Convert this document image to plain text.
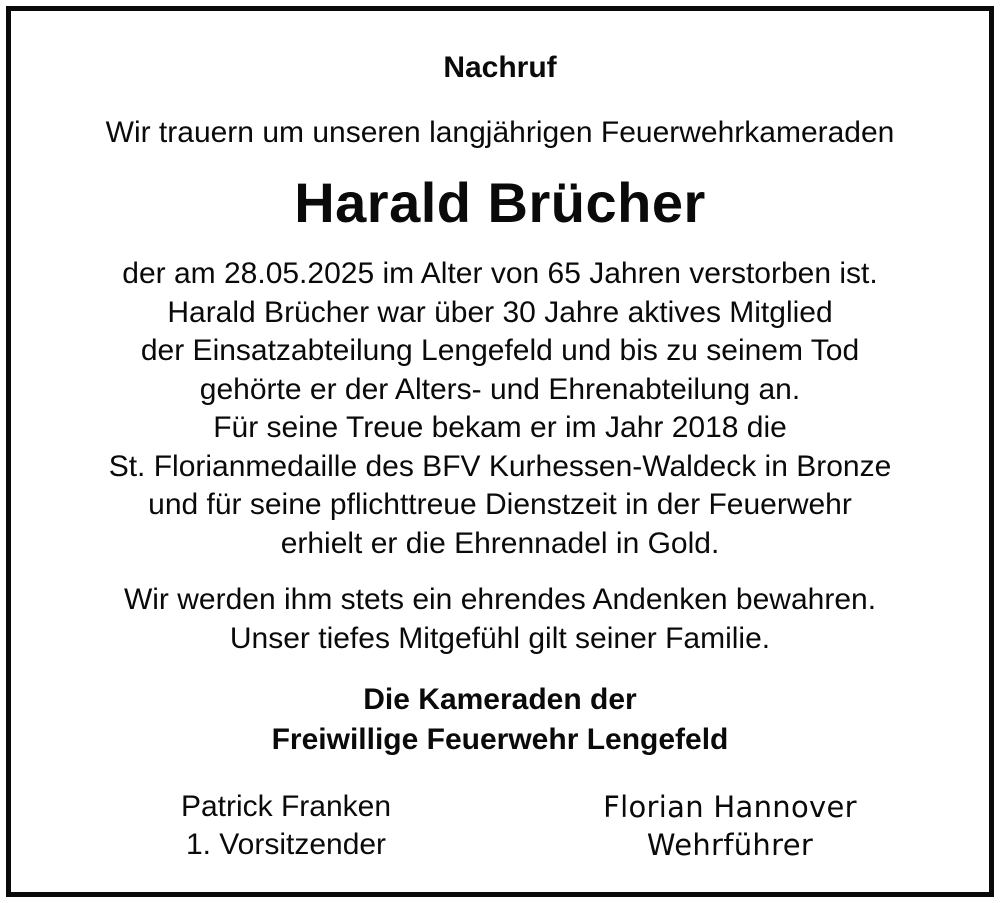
Nachruf
Wir trauern um unseren langjährigen Feuerwehrkameraden
Harald Brücher
der am 28.05.2025 im Alter von 65 Jahren verstorben ist.
Harald Brücher war über 30 Jahre aktives Mitglied
der Einsatzabteilung Lengefeld und bis zu seinem Tod
gehörte er der Alters- und Ehrenabteilung an.
Für seine Treue bekam er im Jahr 2018 die
St. Florianmedaille des BFV Kurhessen-Waldeck in Bronze
und für seine pflichttreue Dienstzeit in der Feuerwehr
erhielt er die Ehrennadel in Gold.
Wir werden ihm stets ein ehrendes Andenken bewahren.
Unser tiefes Mitgefühl gilt seiner Familie.
Die Kameraden der
Freiwillige Feuerwehr Lengefeld
Patrick Franken
1. Vorsitzender
Florian Hannover
Wehrführer
